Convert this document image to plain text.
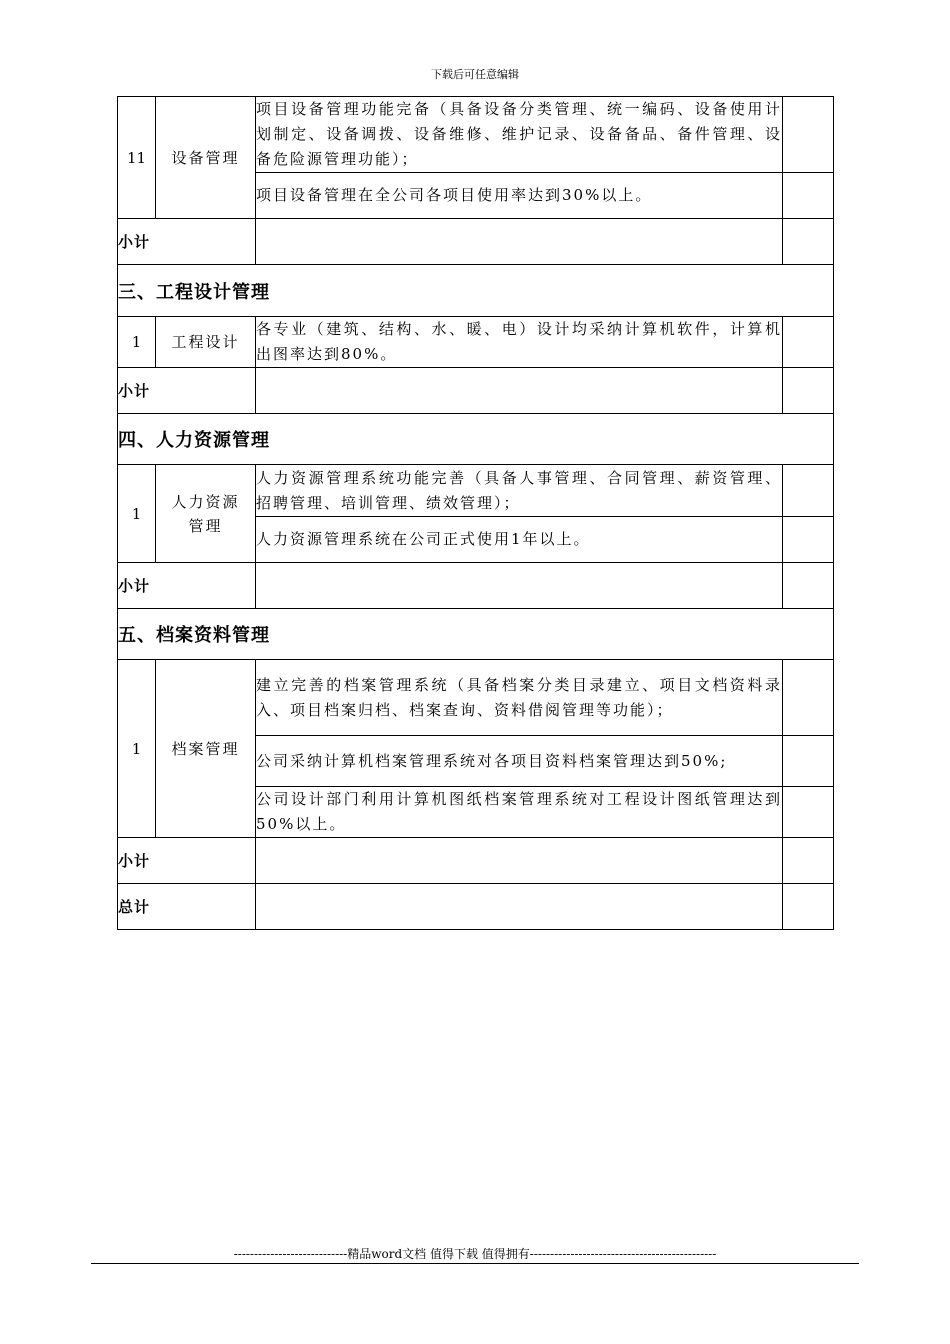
下载后可任意编辑
11	设备管理	项目设备管理功能完备（具备设备分类管理、统一编码、设备使用计划制定、设备调拨、设备维修、维护记录、设备备品、备件管理、设备危险源管理功能）；	
		项目设备管理在全公司各项目使用率达到30%以上。	
小计			
三、工程设计管理			
1	工程设计	各专业（建筑、结构、水、暖、电）设计均采纳计算机软件，计算机出图率达到80%。	
小计			
四、人力资源管理			
1	人力资源管理	人力资源管理系统功能完善（具备人事管理、合同管理、薪资管理、招聘管理、培训管理、绩效管理）；	
		人力资源管理系统在公司正式使用1年以上。	
小计			
五、档案资料管理			
1	档案管理	建立完善的档案管理系统（具备档案分类目录建立、项目文档资料录入、项目档案归档、档案查询、资料借阅管理等功能）；	
		公司采纳计算机档案管理系统对各项目资料档案管理达到50%;	
		公司设计部门利用计算机图纸档案管理系统对工程设计图纸管理达到50%以上。	
小计			
总计			
----------------------------精品word文档 值得下载 值得拥有----------------------------------------------
